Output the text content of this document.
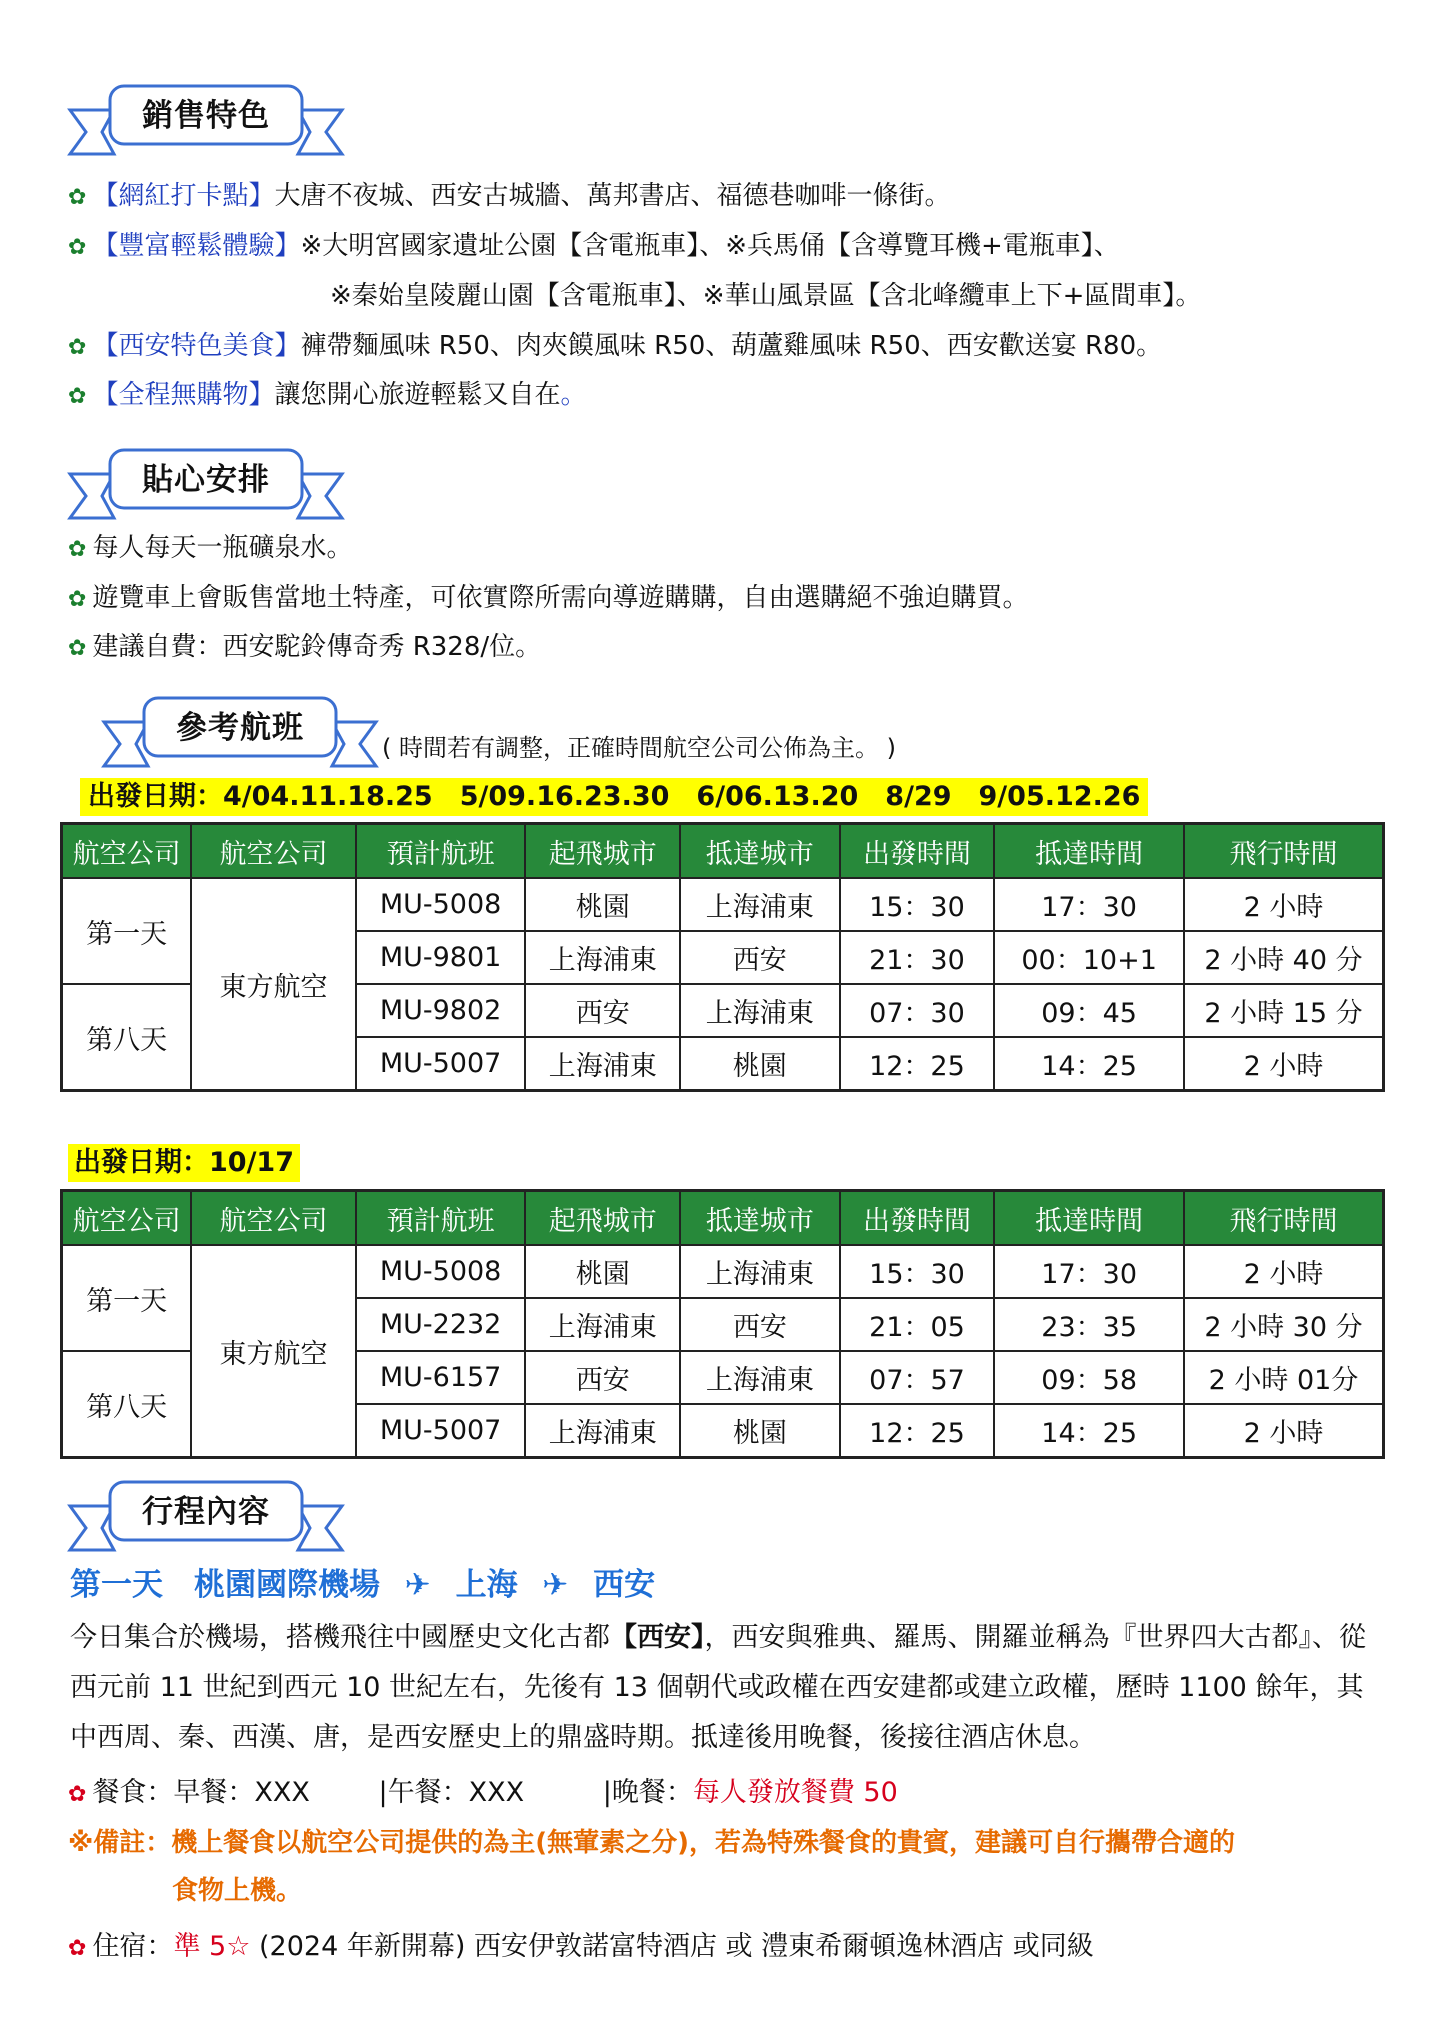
銷售特色
✿ 【網紅打卡點】大唐不夜城、西安古城牆、萬邦書店、福德巷咖啡一條街。
✿ 【豐富輕鬆體驗】※大明宮國家遺址公園【含電瓶車】、※兵馬俑【含導覽耳機+電瓶車】、
※秦始皇陵麗山園【含電瓶車】、※華山風景區【含北峰纜車上下+區間車】。
✿ 【西安特色美食】褲帶麵風味 R50、肉夾饃風味 R50、葫蘆雞風味 R50、西安歡送宴 R80。
✿ 【全程無購物】讓您開心旅遊輕鬆又自在。
貼心安排
✿ 每人每天一瓶礦泉水。
✿ 遊覽車上會販售當地土特產，可依實際所需向導遊購購，自由選購絕不強迫購買。
✿ 建議自費：西安駝鈴傳奇秀 R328/位。
參考航班
( 時間若有調整，正確時間航空公司公佈為主。 )
出發日期：4/04.11.18.25　5/09.16.23.30　6/06.13.20　8/29　9/05.12.26
航空公司	航空公司	預計航班	起飛城市	抵達城市	出發時間	抵達時間	飛行時間
第一天	東方航空	MU-5008	桃園	上海浦東	15：30	17：30	2 小時
		MU-9801	上海浦東	西安	21：30	00：10+1	2 小時 40 分
第八天		MU-9802	西安	上海浦東	07：30	09：45	2 小時 15 分
		MU-5007	上海浦東	桃園	12：25	14：25	2 小時
出發日期：10/17
航空公司	航空公司	預計航班	起飛城市	抵達城市	出發時間	抵達時間	飛行時間
第一天	東方航空	MU-5008	桃園	上海浦東	15：30	17：30	2 小時
		MU-2232	上海浦東	西安	21：05	23：35	2 小時 30 分
第八天		MU-6157	西安	上海浦東	07：57	09：58	2 小時 01分
		MU-5007	上海浦東	桃園	12：25	14：25	2 小時
行程內容
第一天　桃園國際機場 ✈ 上海 ✈ 西安
今日集合於機場，搭機飛往中國歷史文化古都【西安】，西安與雅典、羅馬、開羅並稱為『世界四大古都』、從西元前 11 世紀到西元 10 世紀左右，先後有 13 個朝代或政權在西安建都或建立政權，歷時 1100 餘年，其中西周、秦、西漢、唐，是西安歷史上的鼎盛時期。抵達後用晚餐，後接往酒店休息。
✿ 餐食：早餐：XXX	|午餐：XXX	|晚餐：每人發放餐費 50
※備註：機上餐食以航空公司提供的為主(無葷素之分)，若為特殊餐食的貴賓，建議可自行攜帶合適的
食物上機。
✿ 住宿：準 5☆ (2024 年新開幕) 西安伊敦諾富特酒店 或 澧東希爾頓逸林酒店 或同級
